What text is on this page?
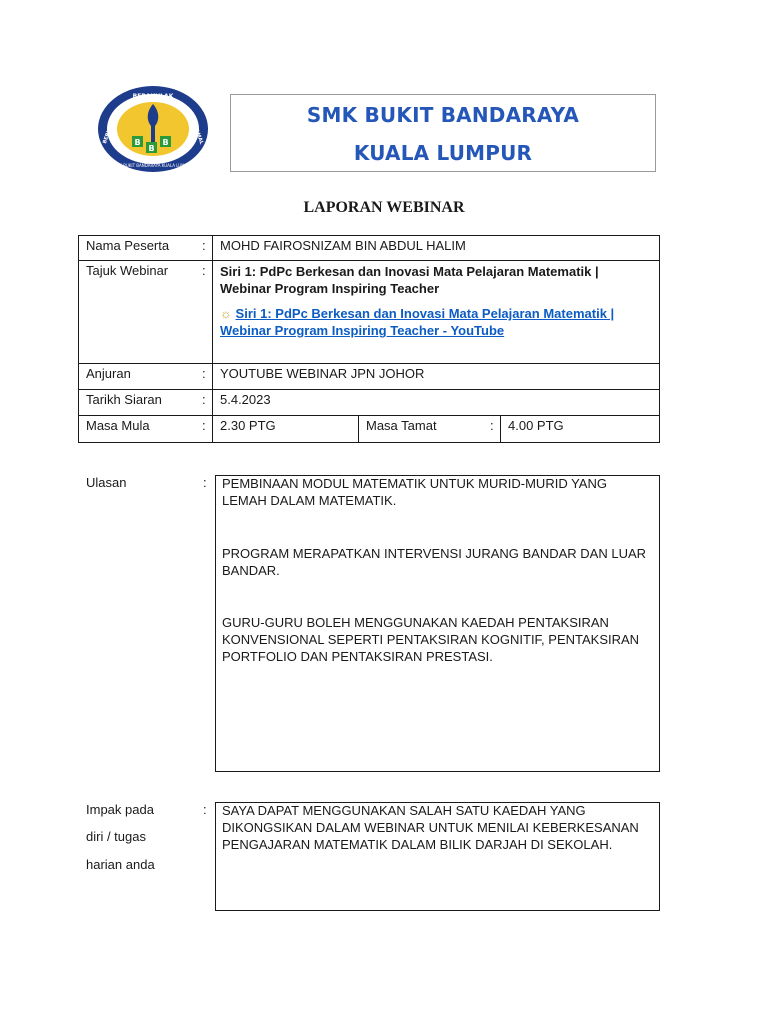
B
B
B
BERAKHLAK
BERILMU	BERAMAL
SMK BUKIT BANDARAYA KUALA LUMPUR
SMK BUKIT BANDARAYA
KUALA LUMPUR
LAPORAN WEBINAR
Nama Peserta	:	MOHD FAIROSNIZAM BIN ABDUL HALIM			
Tajuk Webinar	:	Siri 1: PdPc Berkesan dan Inovasi Mata Pelajaran Matematik | Webinar Program Inspiring Teacher
☼ Siri 1: PdPc Berkesan dan Inovasi Mata Pelajaran Matematik | Webinar Program Inspiring Teacher - YouTube			

Anjuran	:	YOUTUBE WEBINAR JPN JOHOR			
Tarikh Siaran	:	5.4.2023			
Masa Mula	:	2.30 PTG	Masa Tamat	:	4.00 PTG
Ulasan	: PEMBINAAN MODUL MATEMATIK UNTUK MURID-MURID YANG LEMAH DALAM MATEMATIK.

PROGRAM MERAPATKAN INTERVENSI JURANG BANDAR DAN LUAR BANDAR.

GURU-GURU BOLEH MENGGUNAKAN KAEDAH PENTAKSIRAN KONVENSIONAL SEPERTI PENTAKSIRAN KOGNITIF, PENTAKSIRAN PORTFOLIO DAN PENTAKSIRAN PRESTASI.

Impak pada
diri / tugas
harian anda
: SAYA DAPAT MENGGUNAKAN SALAH SATU KAEDAH YANG DIKONGSIKAN DALAM WEBINAR UNTUK MENILAI KEBERKESANAN PENGAJARAN MATEMATIK DALAM BILIK DARJAH DI SEKOLAH.
